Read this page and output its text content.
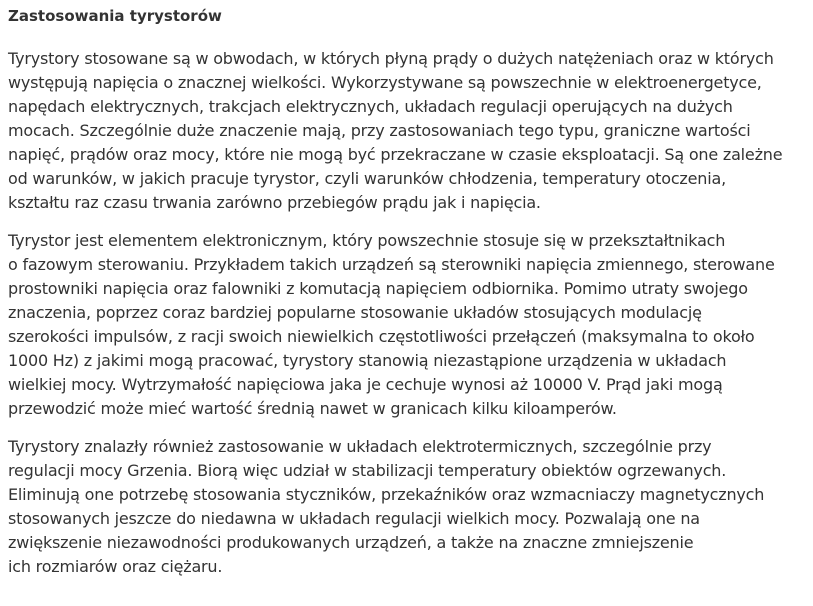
Zastosowania tyrystorów

Tyrystory stosowane są w obwodach, w których płyną prądy o dużych natężeniach oraz w których
występują napięcia o znacznej wielkości. Wykorzystywane są powszechnie w elektroenergetyce,
napędach elektrycznych, trakcjach elektrycznych, układach regulacji operujących na dużych
mocach. Szczególnie duże znaczenie mają, przy zastosowaniach tego typu, graniczne wartości
napięć, prądów oraz mocy, które nie mogą być przekraczane w czasie eksploatacji. Są one zależne
od warunków, w jakich pracuje tyrystor, czyli warunków chłodzenia, temperatury otoczenia,
kształtu raz czasu trwania zarówno przebiegów prądu jak i napięcia.

Tyrystor jest elementem elektronicznym, który powszechnie stosuje się w przekształtnikach
o fazowym sterowaniu. Przykładem takich urządzeń są sterowniki napięcia zmiennego, sterowane
prostowniki napięcia oraz falowniki z komutacją napięciem odbiornika. Pomimo utraty swojego
znaczenia, poprzez coraz bardziej popularne stosowanie układów stosujących modulację
szerokości impulsów, z racji swoich niewielkich częstotliwości przełączeń (maksymalna to około
1000 Hz) z jakimi mogą pracować, tyrystory stanowią niezastąpione urządzenia w układach
wielkiej mocy. Wytrzymałość napięciowa jaka je cechuje wynosi aż 10000 V. Prąd jaki mogą
przewodzić może mieć wartość średnią nawet w granicach kilku kiloamperów.

Tyrystory znalazły również zastosowanie w układach elektrotermicznych, szczególnie przy
regulacji mocy Grzenia. Biorą więc udział w stabilizacji temperatury obiektów ogrzewanych.
Eliminują one potrzebę stosowania styczników, przekaźników oraz wzmacniaczy magnetycznych
stosowanych jeszcze do niedawna w układach regulacji wielkich mocy. Pozwalają one na
zwiększenie niezawodności produkowanych urządzeń, a także na znaczne zmniejszenie
ich rozmiarów oraz ciężaru.
